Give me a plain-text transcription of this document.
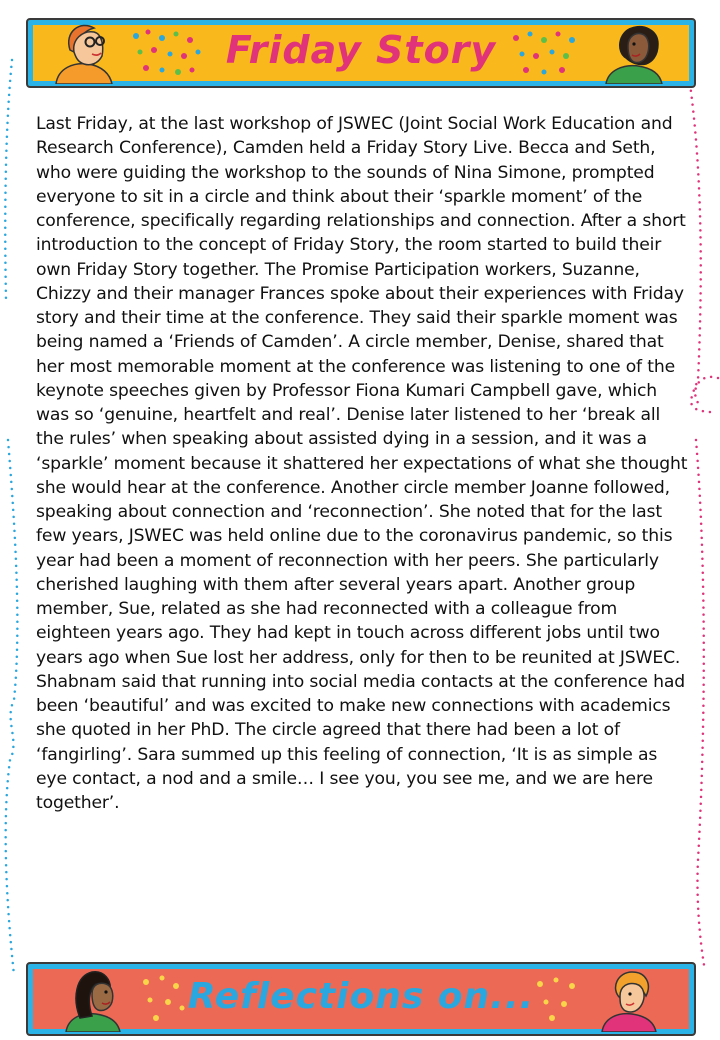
Friday Story

Last Friday, at the last workshop of JSWEC (Joint Social Work Education and Research Conference), Camden held a Friday Story Live. Becca and Seth, who were guiding the workshop to the sounds of Nina Simone, prompted everyone to sit in a circle and think about their ‘sparkle moment’ of the conference, specifically regarding relationships and connection. After a short introduction to the concept of Friday Story, the room started to build their own Friday Story together. The Promise Participation workers, Suzanne, Chizzy and their manager Frances spoke about their experiences with Friday story and their time at the conference. They said their sparkle moment was being named a ‘Friends of Camden’. A circle member, Denise, shared that her most memorable moment at the conference was listening to one of the keynote speeches given by Professor Fiona Kumari Campbell gave, which was so ‘genuine, heartfelt and real’. Denise later listened to her ‘break all the rules’ when speaking about assisted dying in a session, and it was a ‘sparkle’ moment because it shattered her expectations of what she thought she would hear at the conference. Another circle member Joanne followed, speaking about connection and ‘reconnection’. She noted that for the last few years, JSWEC was held online due to the coronavirus pandemic, so this year had been a moment of reconnection with her peers. She particularly cherished laughing with them after several years apart. Another group member, Sue, related as she had reconnected with a colleague from eighteen years ago. They had kept in touch across different jobs until two years ago when Sue lost her address, only for then to be reunited at JSWEC. Shabnam said that running into social media contacts at the conference had been ‘beautiful’ and was excited to make new connections with academics she quoted in her PhD. The circle agreed that there had been a lot of ‘fangirling’. Sara summed up this feeling of connection, ‘It is as simple as eye contact, a nod and a smile… I see you, you see me, and we are here together’.

Reflections on...
